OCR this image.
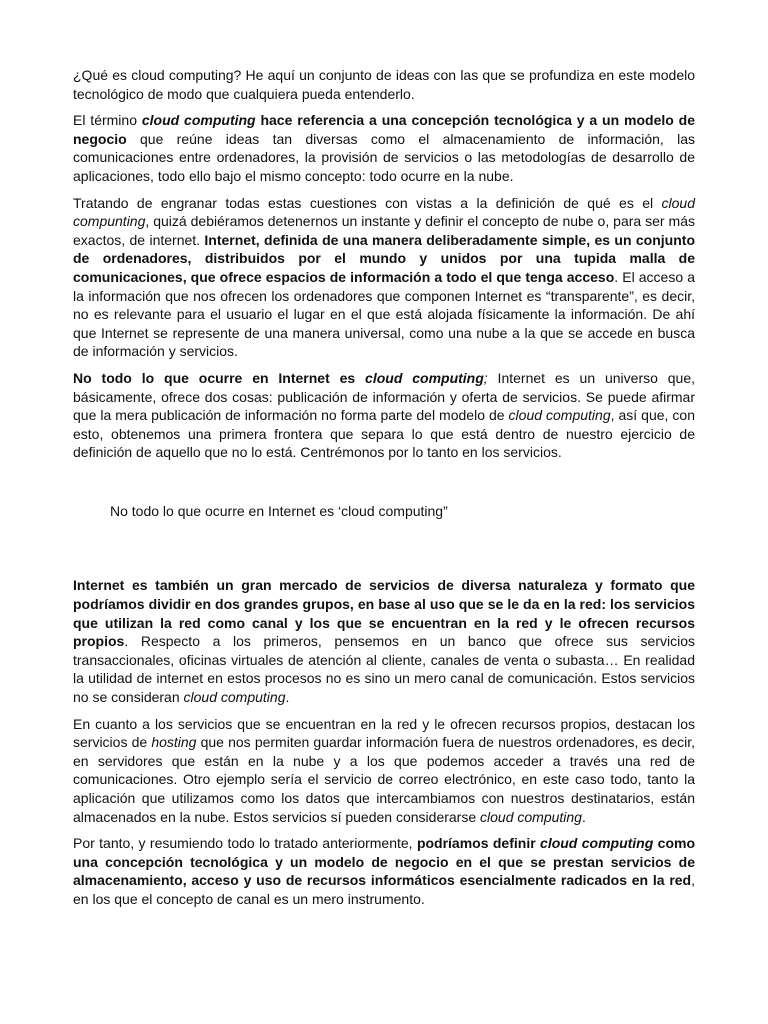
¿Qué es cloud computing? He aquí un conjunto de ideas con las que se profundiza en este modelo tecnológico de modo que cualquiera pueda entenderlo.

El término cloud computing hace referencia a una concepción tecnológica y a un modelo de negocio que reúne ideas tan diversas como el almacenamiento de información, las comunicaciones entre ordenadores, la provisión de servicios o las metodologías de desarrollo de aplicaciones, todo ello bajo el mismo concepto: todo ocurre en la nube.

Tratando de engranar todas estas cuestiones con vistas a la definición de qué es el cloud compunting, quizá debiéramos detenernos un instante y definir el concepto de nube o, para ser más exactos, de internet. Internet, definida de una manera deliberadamente simple, es un conjunto de ordenadores, distribuidos por el mundo y unidos por una tupida malla de comunicaciones, que ofrece espacios de información a todo el que tenga acceso. El acceso a la información que nos ofrecen los ordenadores que componen Internet es “transparente”, es decir, no es relevante para el usuario el lugar en el que está alojada físicamente la información. De ahí que Internet se represente de una manera universal, como una nube a la que se accede en busca de información y servicios.

No todo lo que ocurre en Internet es cloud computing; Internet es un universo que, básicamente, ofrece dos cosas: publicación de información y oferta de servicios. Se puede afirmar que la mera publicación de información no forma parte del modelo de cloud computing, así que, con esto, obtenemos una primera frontera que separa lo que está dentro de nuestro ejercicio de definición de aquello que no lo está. Centrémonos por lo tanto en los servicios.

No todo lo que ocurre en Internet es ‘cloud computing”

Internet es también un gran mercado de servicios de diversa naturaleza y formato que podríamos dividir en dos grandes grupos, en base al uso que se le da en la red: los servicios que utilizan la red como canal y los que se encuentran en la red y le ofrecen recursos propios. Respecto a los primeros, pensemos en un banco que ofrece sus servicios transaccionales, oficinas virtuales de atención al cliente, canales de venta o subasta… En realidad la utilidad de internet en estos procesos no es sino un mero canal de comunicación. Estos servicios no se consideran cloud computing.

En cuanto a los servicios que se encuentran en la red y le ofrecen recursos propios, destacan los servicios de hosting que nos permiten guardar información fuera de nuestros ordenadores, es decir, en servidores que están en la nube y a los que podemos acceder a través una red de comunicaciones. Otro ejemplo sería el servicio de correo electrónico, en este caso todo, tanto la aplicación que utilizamos como los datos que intercambiamos con nuestros destinatarios, están almacenados en la nube. Estos servicios sí pueden considerarse cloud computing.

Por tanto, y resumiendo todo lo tratado anteriormente, podríamos definir cloud computing como una concepción tecnológica y un modelo de negocio en el que se prestan servicios de almacenamiento, acceso y uso de recursos informáticos esencialmente radicados en la red, en los que el concepto de canal es un mero instrumento.
